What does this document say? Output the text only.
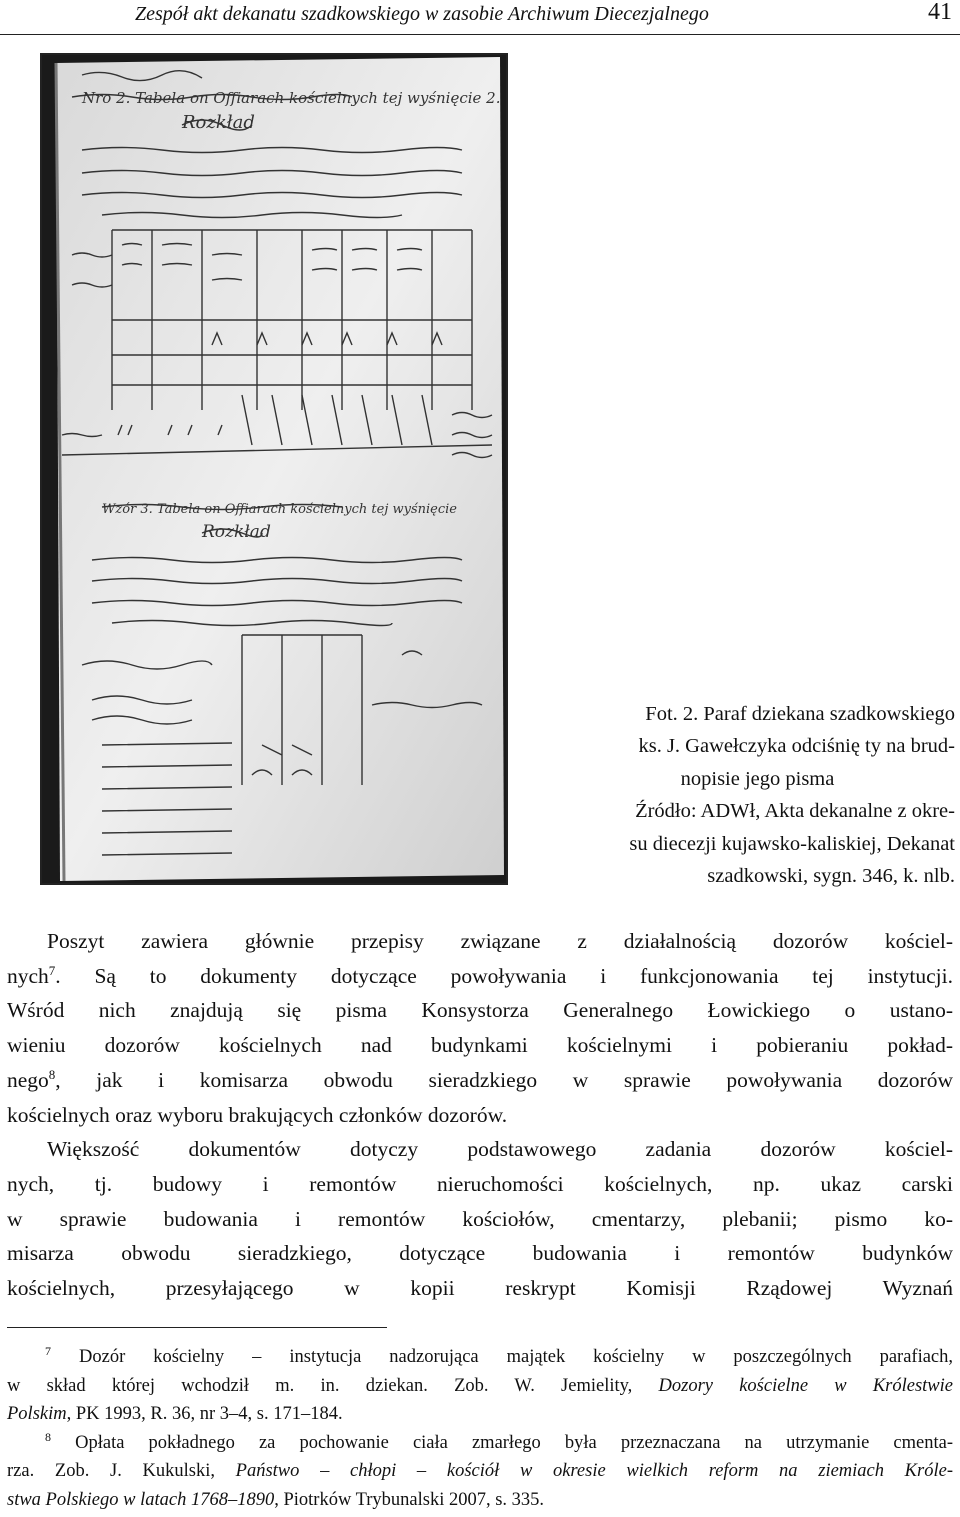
Zespół akt dekanatu szadkowskiego w zasobie Archiwum Diecezjalnego	41
Nro 2. Tabela on Offiarach kościelnych tej wyśnięcie 2.
Rozkład
Wzór 3. Tabela on Offiarach kościelnych tej wyśnięcie
Rozkład
Fot. 2. Paraf dziekana szadkowskiego
ks. J. Gawełczyka odciśnię ty na brud-
nopisie jego pisma
Źródło: ADWł, Akta dekanalne z okre-
su diecezji kujawsko-kaliskiej, Dekanat
szadkowski, sygn. 346, k. nlb.
Poszyt zawiera głównie przepisy związane z działalnością dozorów kościel-
nych$^7$. Są to dokumenty dotyczące powoływania i funkcjonowania tej instytucji.
Wśród nich znajdują się pisma Konsystorza Generalnego Łowickiego o ustano-
wieniu dozorów kościelnych nad budynkami kościelnymi i pobieraniu pokład-
nego$^8$, jak i komisarza obwodu sieradzkiego w sprawie powoływania dozorów
kościelnych oraz wyboru brakujących członków dozorów.
Większość dokumentów dotyczy podstawowego zadania dozorów kościel-
nych, tj. budowy i remontów nieruchomości kościelnych, np. ukaz carski
w sprawie budowania i remontów kościołów, cmentarzy, plebanii; pismo ko-
misarza obwodu sieradzkiego, dotyczące budowania i remontów budynków
kościelnych, przesyłającego w kopii reskrypt Komisji Rządowej Wyznań
$^7$ Dozór kościelny – instytucja nadzorująca majątek kościelny w poszczególnych parafiach,
w skład której wchodził m. in. dziekan. Zob. W. Jemielity, Dozory kościelne w Królestwie
Polskim, PK 1993, R. 36, nr 3–4, s. 171–184.
$^8$ Opłata pokładnego za pochowanie ciała zmarłego była przeznaczana na utrzymanie cmenta-
rza. Zob. J. Kukulski, Państwo – chłopi – kościół w okresie wielkich reform na ziemiach Króle-
stwa Polskiego w latach 1768–1890, Piotrków Trybunalski 2007, s. 335.
